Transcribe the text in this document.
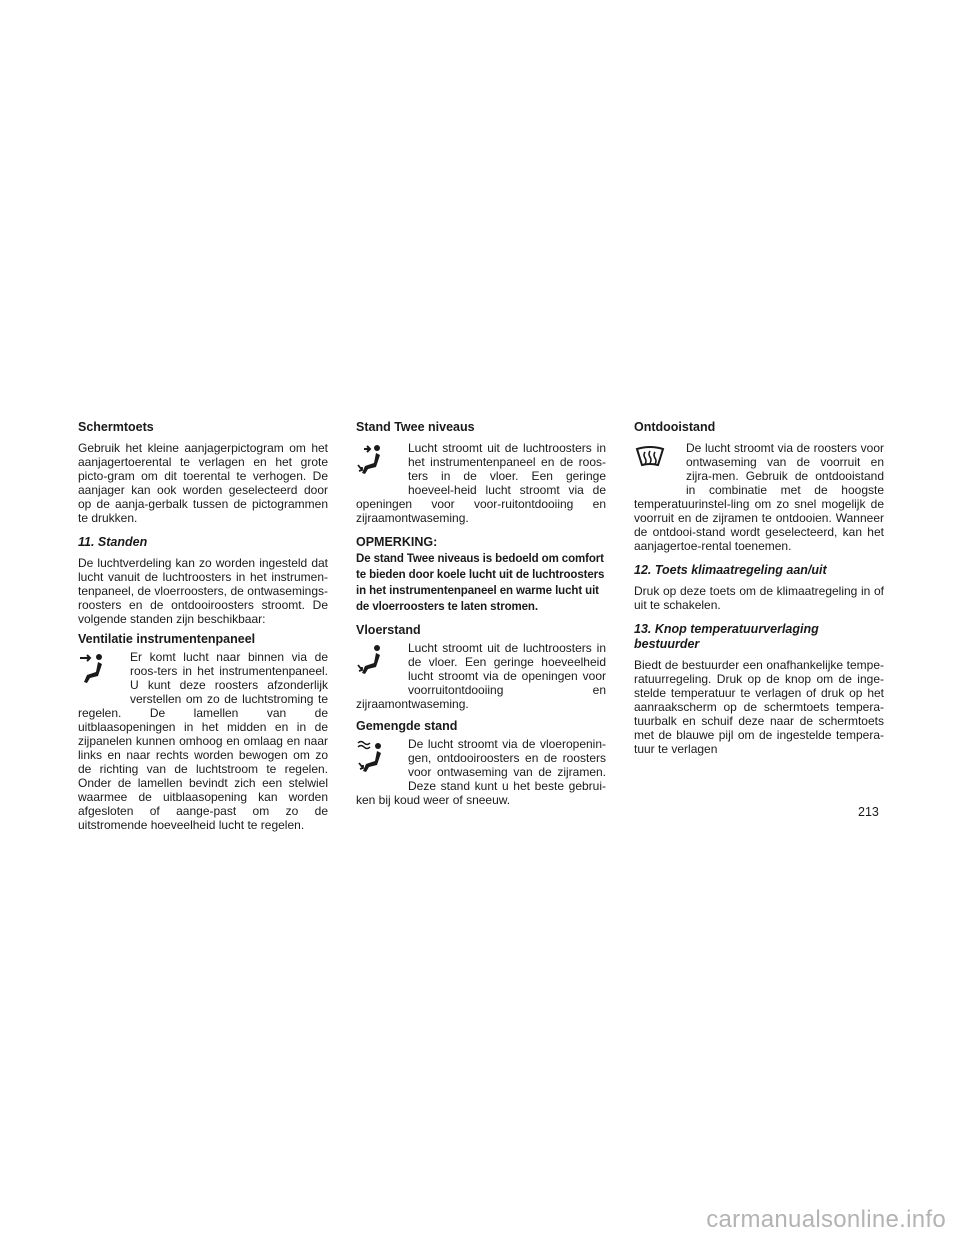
Schermtoets

Gebruik het kleine aanjagerpictogram om het aanjagertoerental te verlagen en het grote picto-gram om dit toerental te verhogen. De aanjager kan ook worden geselecteerd door op de aanja-gerbalk tussen de pictogrammen te drukken.

11. Standen

De luchtverdeling kan zo worden ingesteld dat lucht vanuit de luchtroosters in het instrumen-tenpaneel, de vloerroosters, de ontwasemings-roosters en de ontdooiroosters stroomt. De volgende standen zijn beschikbaar:

Ventilatie instrumentenpaneel
Er komt lucht naar binnen via de roos-ters in het instrumentenpaneel. U kunt deze roosters afzonderlijk verstellen om zo de luchtstroming te regelen. De lamellen van de uitblaasopeningen in het midden en in de zijpanelen kunnen omhoog en omlaag en naar links en naar rechts worden bewogen om zo de richting van de luchtstroom te regelen. Onder de lamellen bevindt zich een stelwiel waarmee de uitblaasopening kan worden afgesloten of aange-past om zo de uitstromende hoeveelheid lucht te regelen.
Stand Twee niveaus
Lucht stroomt uit de luchtroosters in het instrumentenpaneel en de roos-ters in de vloer. Een geringe hoeveel-heid lucht stroomt via de openingen voor voor-ruitontdooiing en zijraamontwaseming.
OPMERKING:
De stand Twee niveaus is bedoeld om comfort te bieden door koele lucht uit de luchtroosters in het instrumentenpaneel en warme lucht uit de vloerroosters te laten stromen.
Vloerstand
Lucht stroomt uit de luchtroosters in de vloer. Een geringe hoeveelheid lucht stroomt via de openingen voor voorruitontdooiing en zijraamontwaseming.
Gemengde stand
De lucht stroomt via de vloeropenin-gen, ontdooiroosters en de roosters voor ontwaseming van de zijramen. Deze stand kunt u het beste gebrui-ken bij koud weer of sneeuw.
Ontdooistand
De lucht stroomt via de roosters voor ontwaseming van de voorruit en zijra-men. Gebruik de ontdooistand in combinatie met de hoogste temperatuurinstel-ling om zo snel mogelijk de voorruit en de zijramen te ontdooien. Wanneer de ontdooi-stand wordt geselecteerd, kan het aanjagertoe-rental toenemen.
12. Toets klimaatregeling aan/uit

Druk op deze toets om de klimaatregeling in of uit te schakelen.

13. Knop temperatuurverlaging bestuurder

Biedt de bestuurder een onafhankelijke tempe-ratuurregeling. Druk op de knop om de inge-stelde temperatuur te verlagen of druk op het aanraakscherm op de schermtoets tempera-tuurbalk en schuif deze naar de schermtoets met de blauwe pijl om de ingestelde tempera-tuur te verlagen

213
carmanualsonline.info
